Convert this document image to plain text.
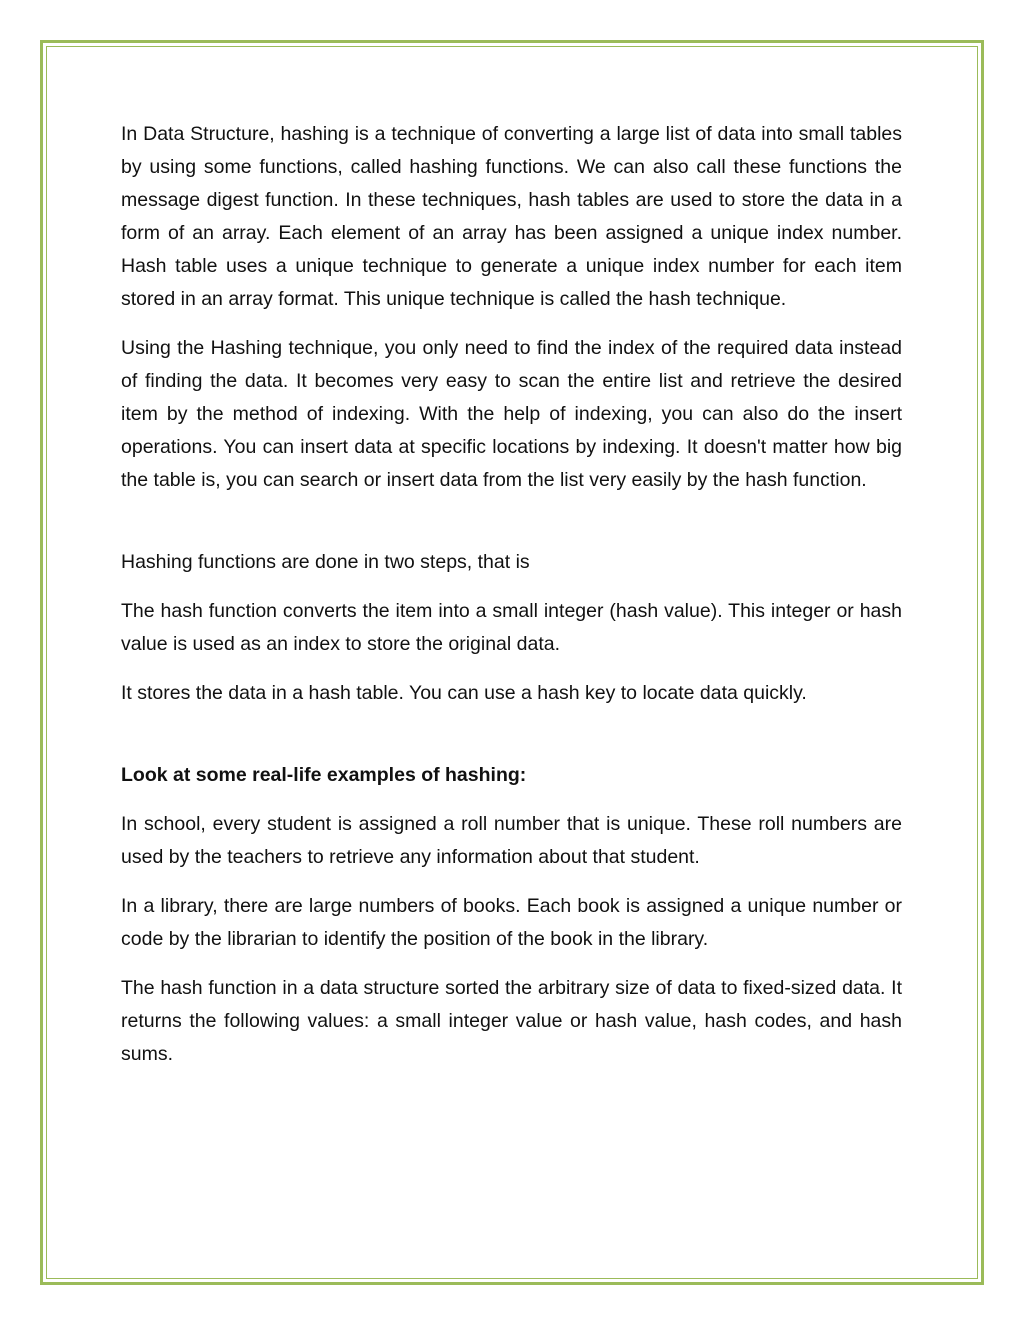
In Data Structure, hashing is a technique of converting a large list of data into small tables by using some functions, called hashing functions. We can also call these functions the message digest function. In these techniques, hash tables are used to store the data in a form of an array. Each element of an array has been assigned a unique index number. Hash table uses a unique technique to generate a unique index number for each item stored in an array format. This unique technique is called the hash technique.

Using the Hashing technique, you only need to find the index of the required data instead of finding the data. It becomes very easy to scan the entire list and retrieve the desired item by the method of indexing. With the help of indexing, you can also do the insert operations. You can insert data at specific locations by indexing. It doesn't matter how big the table is, you can search or insert data from the list very easily by the hash function.

Hashing functions are done in two steps, that is

The hash function converts the item into a small integer (hash value). This integer or hash value is used as an index to store the original data.

It stores the data in a hash table. You can use a hash key to locate data quickly.

Look at some real-life examples of hashing:

In school, every student is assigned a roll number that is unique. These roll numbers are used by the teachers to retrieve any information about that student.

In a library, there are large numbers of books. Each book is assigned a unique number or code by the librarian to identify the position of the book in the library.

The hash function in a data structure sorted the arbitrary size of data to fixed-sized data. It returns the following values: a small integer value or hash value, hash codes, and hash sums.
